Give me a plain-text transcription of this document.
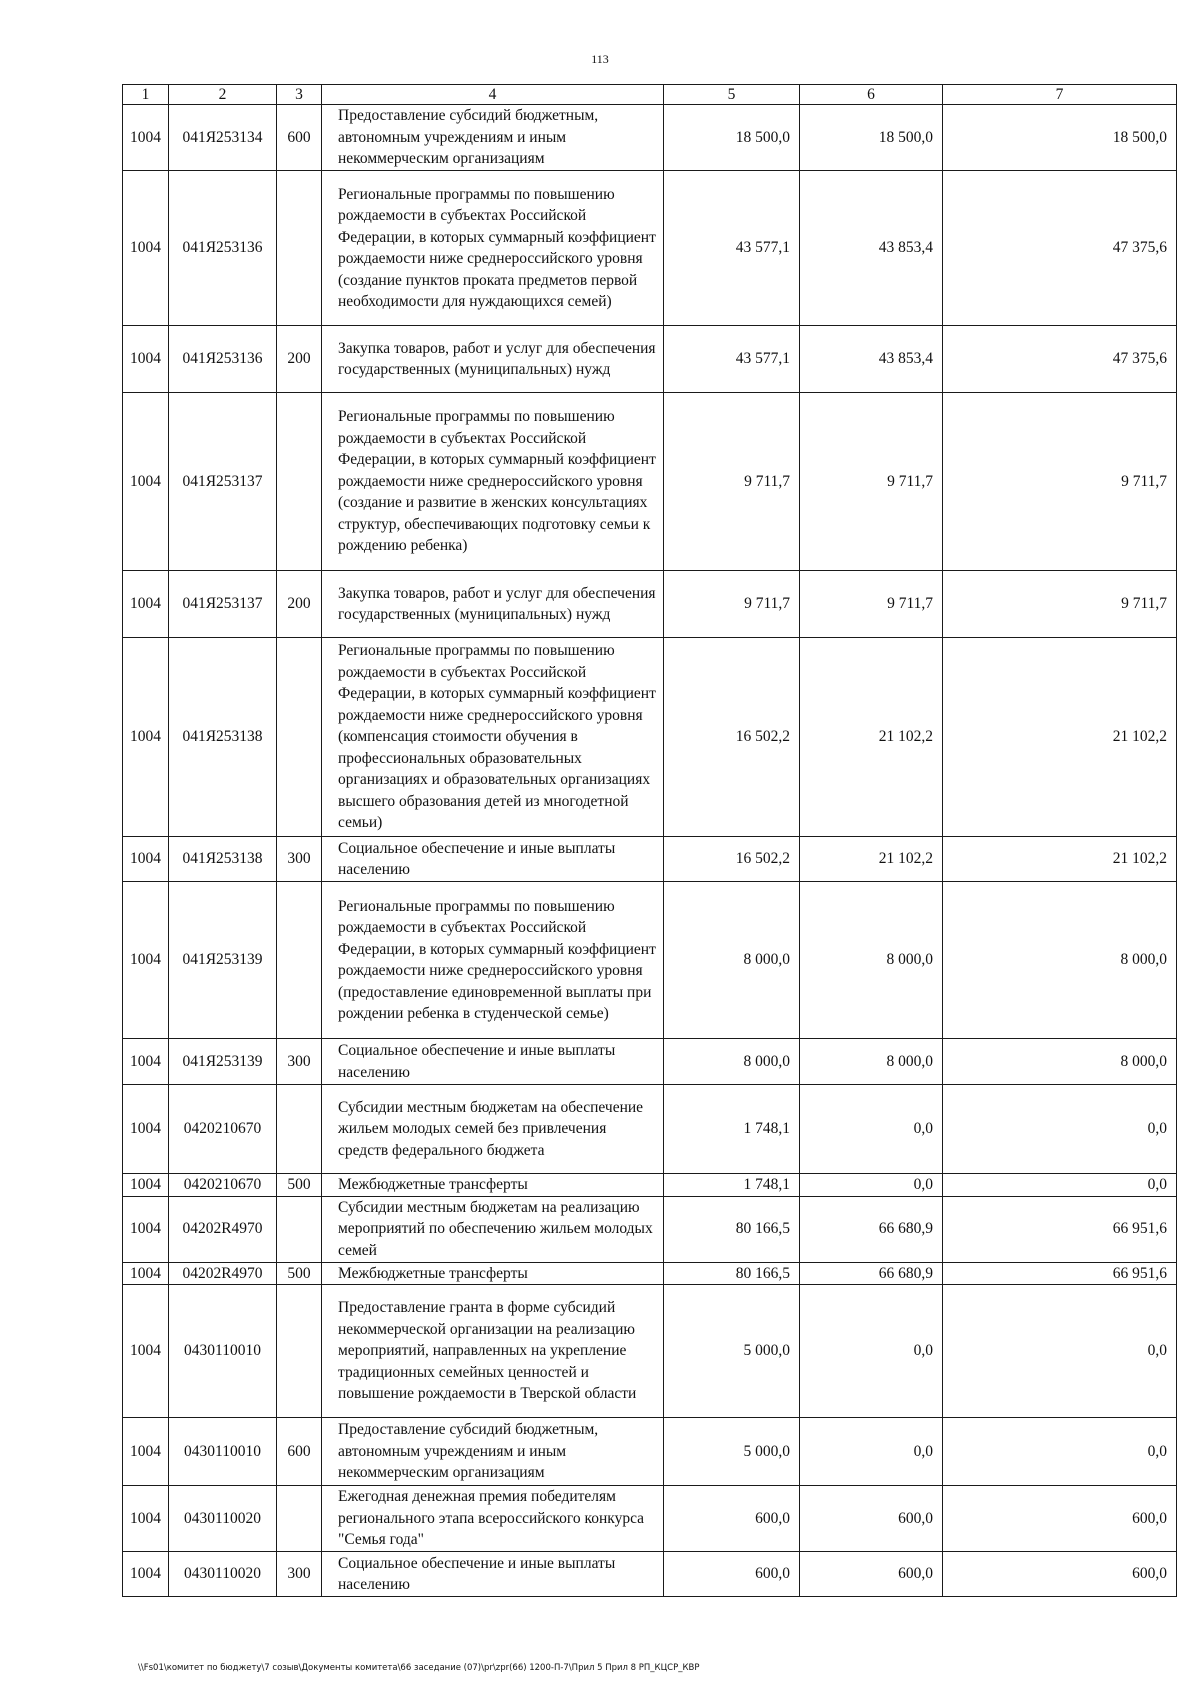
113
1	2	3	4	5	6	7
1004	041Я253134	600	Предоставление субсидий бюджетным, автономным учреждениям и иным некоммерческим организациям	18 500,0	18 500,0	18 500,0
1004	041Я253136		Региональные программы по повышению рождаемости в субъектах Российской Федерации, в которых суммарный коэффициент рождаемости ниже среднероссийского уровня (создание пунктов проката предметов первой необходимости для нуждающихся семей)	43 577,1	43 853,4	47 375,6
1004	041Я253136	200	Закупка товаров, работ и услуг для обеспечения государственных (муниципальных) нужд	43 577,1	43 853,4	47 375,6
1004	041Я253137		Региональные программы по повышению рождаемости в субъектах Российской Федерации, в которых суммарный коэффициент рождаемости ниже среднероссийского уровня (создание и развитие в женских консультациях структур, обеспечивающих подготовку семьи к рождению ребенка)	9 711,7	9 711,7	9 711,7
1004	041Я253137	200	Закупка товаров, работ и услуг для обеспечения государственных (муниципальных) нужд	9 711,7	9 711,7	9 711,7
1004	041Я253138		Региональные программы по повышению рождаемости в субъектах Российской Федерации, в которых суммарный коэффициент рождаемости ниже среднероссийского уровня (компенсация стоимости обучения в профессиональных образовательных организациях и образовательных организациях высшего образования детей из многодетной семьи)	16 502,2	21 102,2	21 102,2
1004	041Я253138	300	Социальное обеспечение и иные выплаты населению	16 502,2	21 102,2	21 102,2
1004	041Я253139		Региональные программы по повышению рождаемости в субъектах Российской Федерации, в которых суммарный коэффициент рождаемости ниже среднероссийского уровня (предоставление единовременной выплаты при рождении ребенка в студенческой семье)	8 000,0	8 000,0	8 000,0
1004	041Я253139	300	Социальное обеспечение и иные выплаты населению	8 000,0	8 000,0	8 000,0
1004	0420210670		Субсидии местным бюджетам на обеспечение жильем молодых семей без привлечения средств федерального бюджета	1 748,1	0,0	0,0
1004	0420210670	500	Межбюджетные трансферты	1 748,1	0,0	0,0
1004	04202R4970		Субсидии местным бюджетам на реализацию мероприятий по обеспечению жильем молодых семей	80 166,5	66 680,9	66 951,6
1004	04202R4970	500	Межбюджетные трансферты	80 166,5	66 680,9	66 951,6
1004	0430110010		Предоставление гранта в форме субсидий некоммерческой организации на реализацию мероприятий, направленных на укрепление традиционных семейных ценностей и повышение рождаемости в Тверской области	5 000,0	0,0	0,0
1004	0430110010	600	Предоставление субсидий бюджетным, автономным учреждениям и иным некоммерческим организациям	5 000,0	0,0	0,0
1004	0430110020		Ежегодная денежная премия победителям регионального этапа всероссийского конкурса "Семья года"	600,0	600,0	600,0
1004	0430110020	300	Социальное обеспечение и иные выплаты населению	600,0	600,0	600,0
\\Fs01\комитет по бюджету\7 созыв\Документы комитета\66 заседание (07)\pr\zpr(66) 1200-П-7\Прил 5 Прил 8 РП_КЦСР_КВР
